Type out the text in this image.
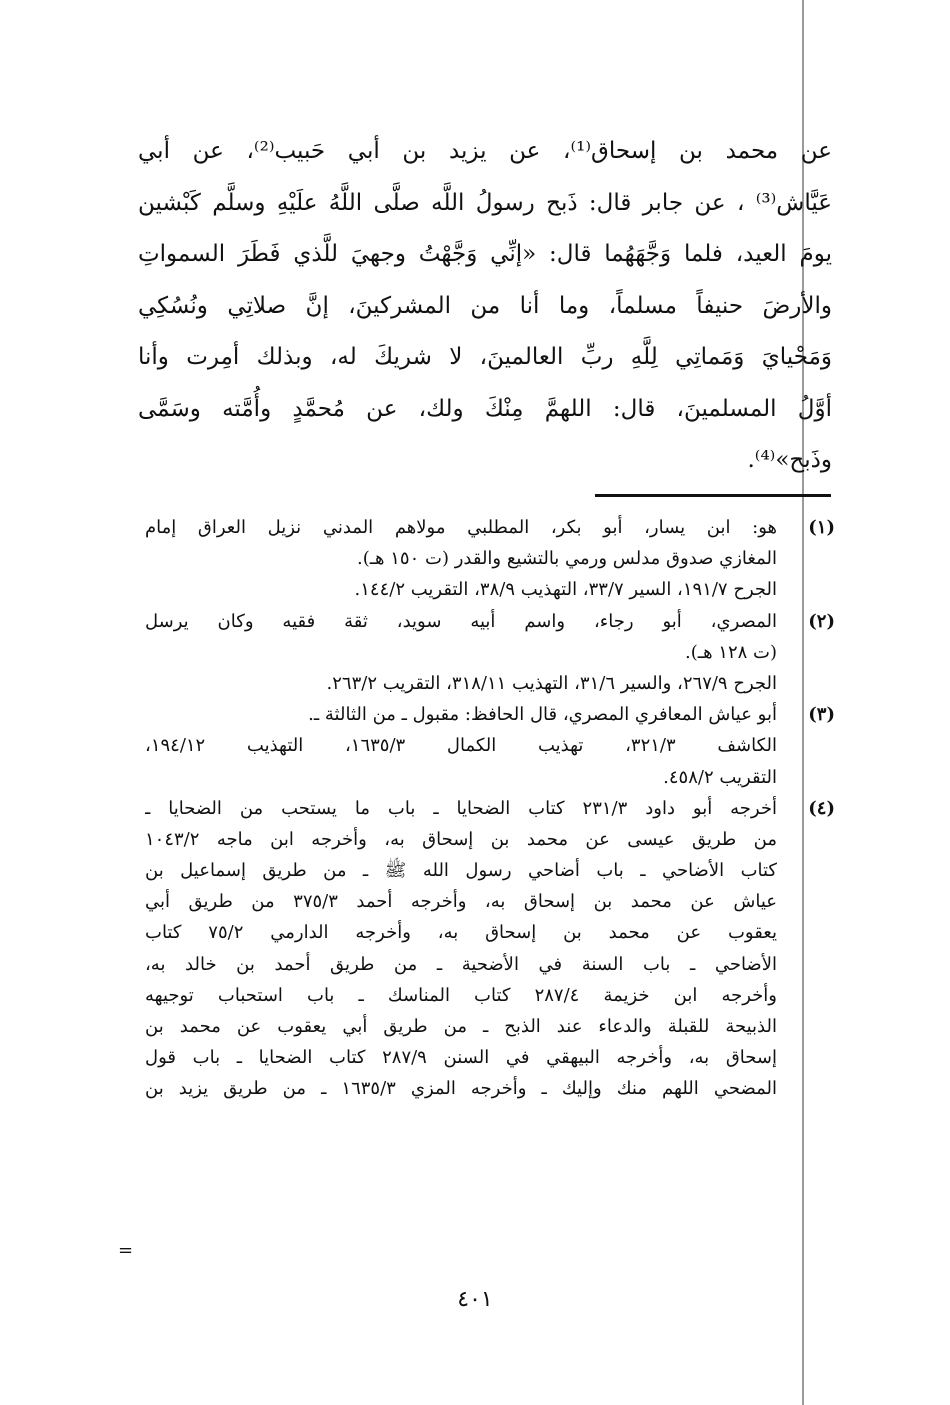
عن محمد بن إسحاق⁽¹⁾، عن يزيد بن أبي حَبيب⁽²⁾، عن أبي
عَيَّاش⁽³⁾ ، عن جابر قال: ذَبح رسولُ اللَّه صلَّى اللَّهُ علَيْهِ وسلَّم كَبْشين
يومَ العيد، فلما وَجَّهَهُما قال: «إنِّي وَجَّهْتُ وجهيَ للَّذي فَطَرَ السمواتِ
والأرضَ حنيفاً مسلماً، وما أنا من المشركينَ، إنَّ صلاتِي ونُسُكِي
وَمَحْيايَ وَمَماتِي لِلَّهِ ربِّ العالمينَ، لا شريكَ له، وبذلك أمِرت وأنا
أوَّلُ المسلمينَ، قال: اللهمَّ مِنْكَ ولك، عن مُحمَّدٍ وأُمَّته وسَمَّى
وذَبح»⁽⁴⁾.
(١)
هو: ابن يسار، أبو بكر، المطلبي مولاهم المدني نزيل العراق إمام
المغازي صدوق مدلس ورمي بالتشيع والقدر (ت ١٥٠ هـ).
الجرح ١٩١/٧، السير ٣٣/٧، التهذيب ٣٨/٩، التقريب ١٤٤/٢.
(٢)
المصري، أبو رجاء، واسم أبيه سويد، ثقة فقيه وكان يرسل
(ت ١٢٨ هـ).
الجرح ٢٦٧/٩، والسير ٣١/٦، التهذيب ٣١٨/١١، التقريب ٢٦٣/٢.
(٣)
أبو عياش المعافري المصري، قال الحافظ: مقبول ـ من الثالثة ـ.
الكاشف ٣٢١/٣، تهذيب الكمال ١٦٣٥/٣، التهذيب ١٩٤/١٢،
التقريب ٤٥٨/٢.
(٤)
أخرجه أبو داود ٢٣١/٣ كتاب الضحايا ـ باب ما يستحب من الضحايا ـ
من طريق عيسى عن محمد بن إسحاق به، وأخرجه ابن ماجه ١٠٤٣/٢
كتاب الأضاحي ـ باب أضاحي رسول الله ﷺ ـ من طريق إسماعيل بن
عياش عن محمد بن إسحاق به، وأخرجه أحمد ٣٧٥/٣ من طريق أبي
يعقوب عن محمد بن إسحاق به، وأخرجه الدارمي ٧٥/٢ كتاب
الأضاحي ـ باب السنة في الأضحية ـ من طريق أحمد بن خالد به،
وأخرجه ابن خزيمة ٢٨٧/٤ كتاب المناسك ـ باب استحباب توجيهه
الذبيحة للقبلة والدعاء عند الذبح ـ من طريق أبي يعقوب عن محمد بن
إسحاق به، وأخرجه البيهقي في السنن ٢٨٧/٩ كتاب الضحايا ـ باب قول
المضحي اللهم منك وإليك ـ وأخرجه المزي ١٦٣٥/٣ ـ من طريق يزيد بن
=
٤٠١
